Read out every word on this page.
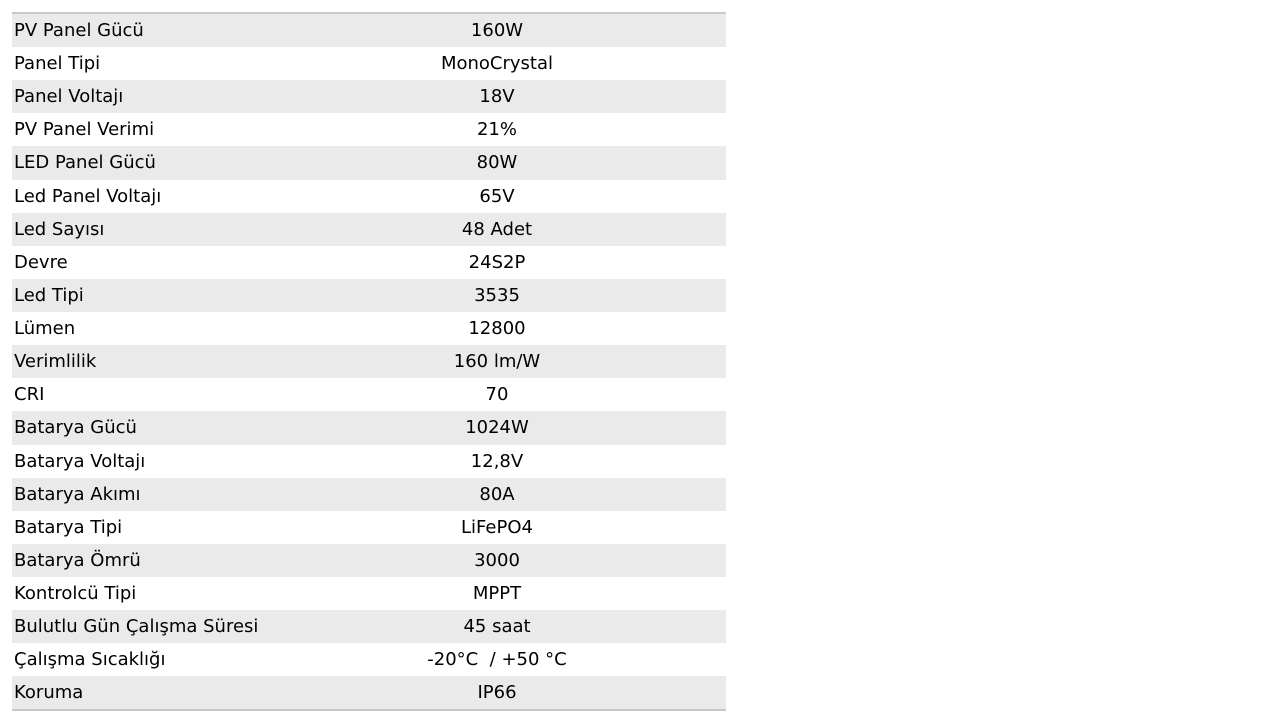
PV Panel Gücü	160W
Panel Tipi	MonoCrystal
Panel Voltajı	18V
PV Panel Verimi	21%
LED Panel Gücü	80W
Led Panel Voltajı	65V
Led Sayısı	48 Adet
Devre	24S2P
Led Tipi	3535
Lümen	12800
Verimlilik	160 lm/W
CRI	70
Batarya Gücü	1024W
Batarya Voltajı	12,8V
Batarya Akımı	80A
Batarya Tipi	LiFePO4
Batarya Ömrü	3000
Kontrolcü Tipi	MPPT
Bulutlu Gün Çalışma Süresi	45 saat
Çalışma Sıcaklığı	-20°C  / +50 °C
Koruma	IP66
